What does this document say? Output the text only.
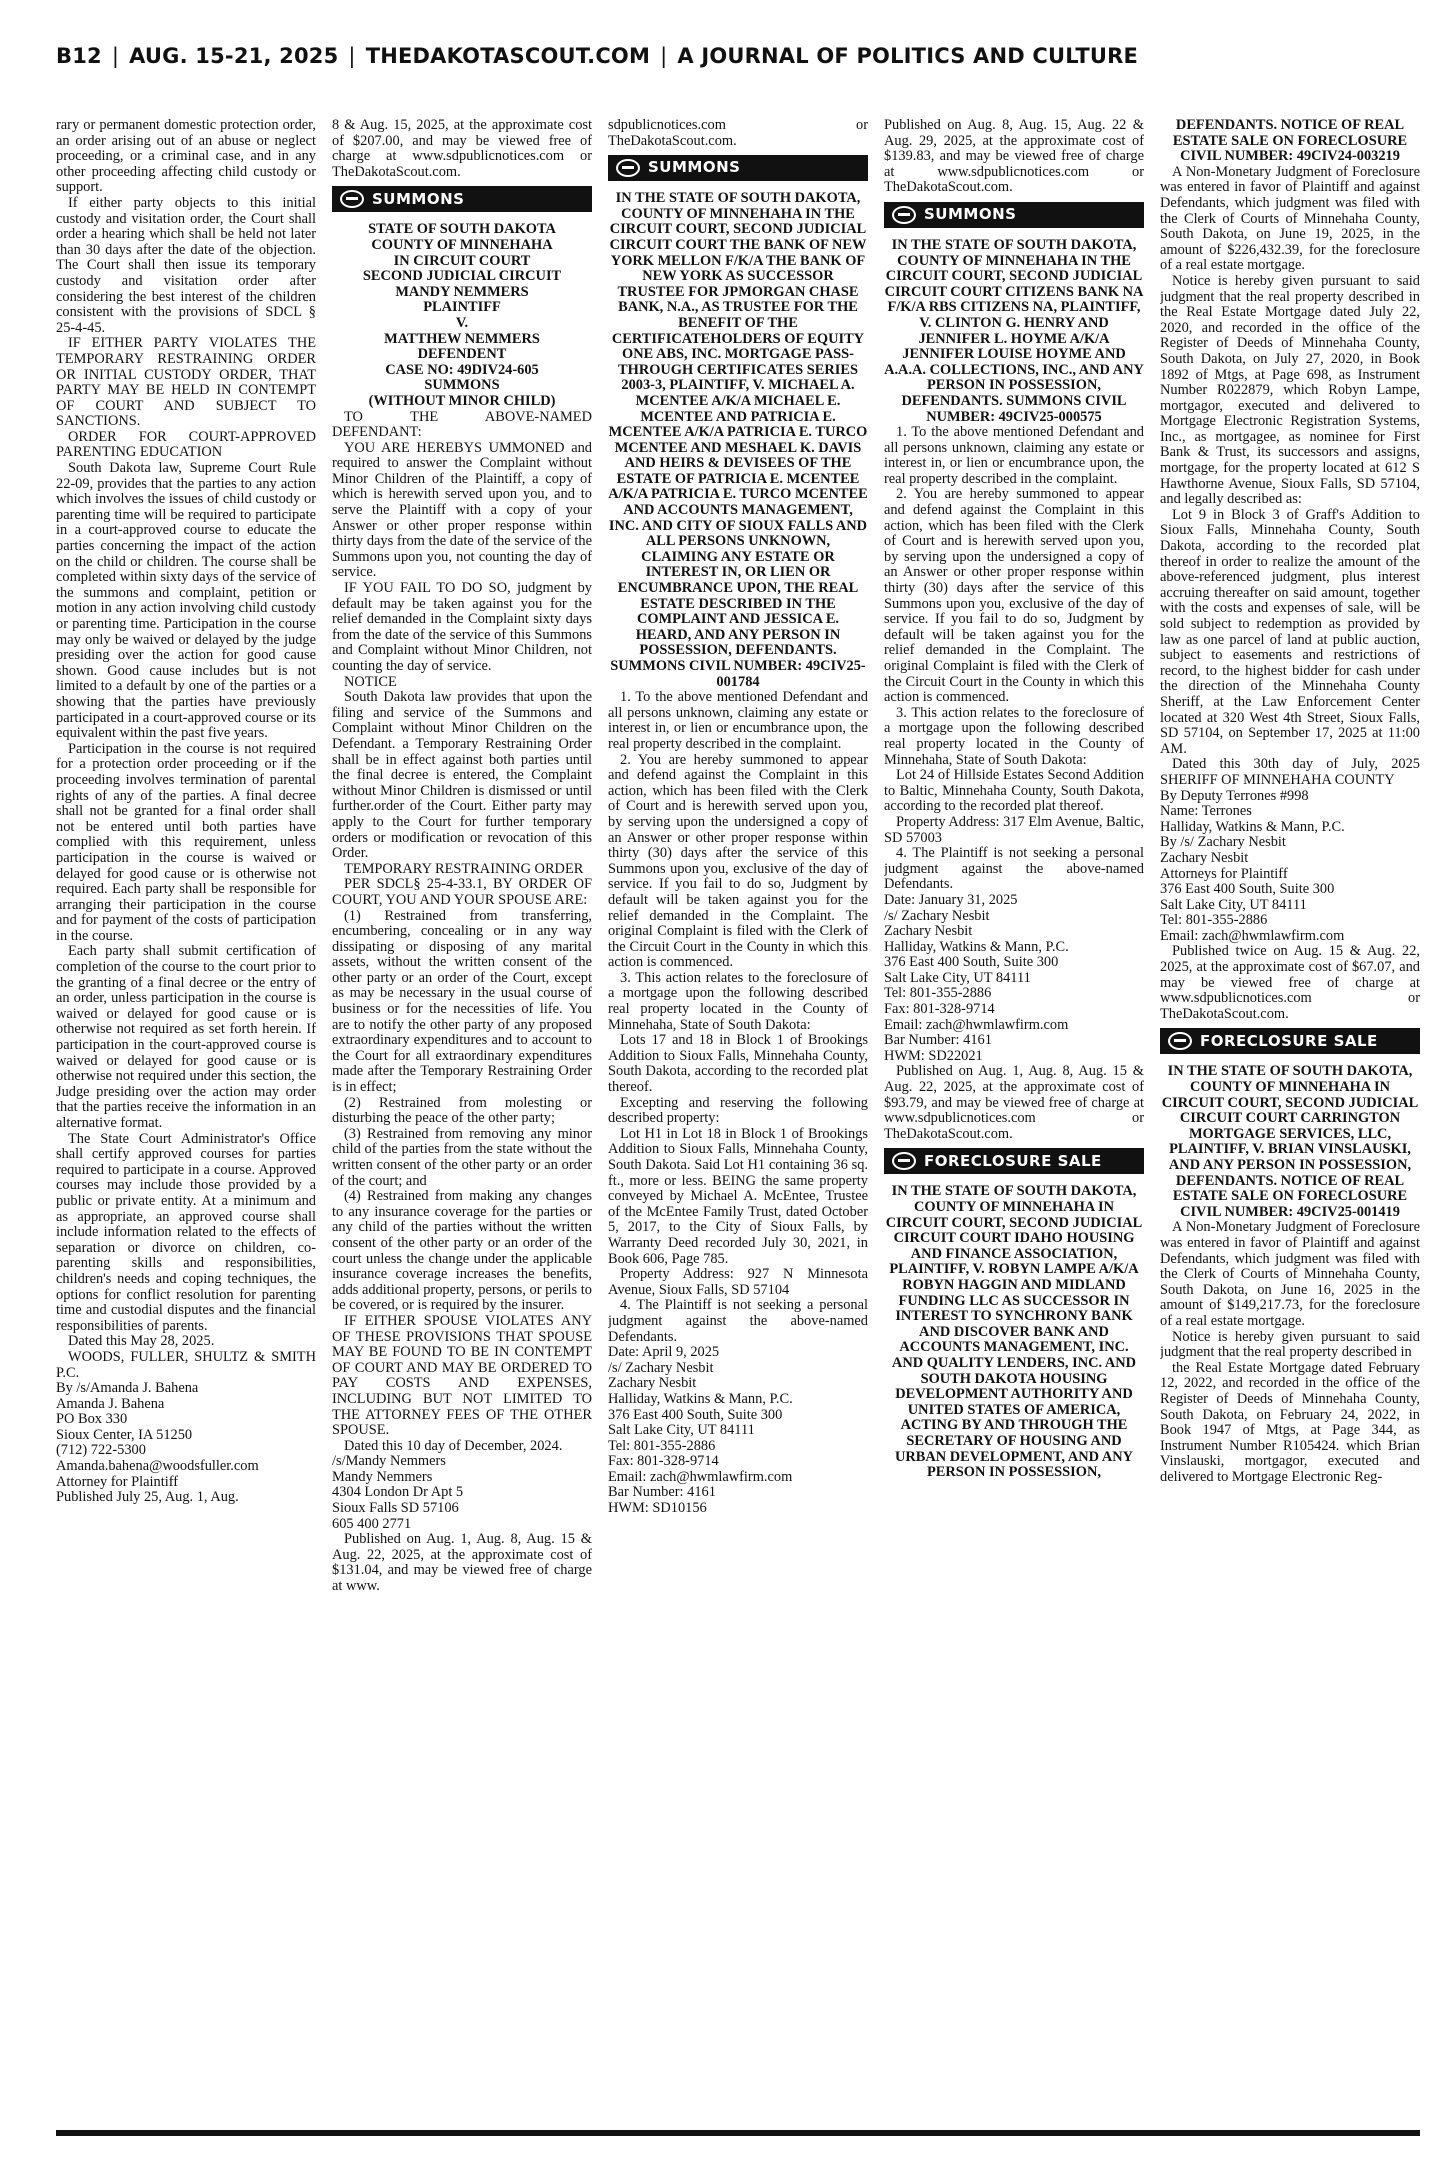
B12 | AUG. 15-21, 2025 | THEDAKOTASCOUT.COM | A JOURNAL OF POLITICS AND CULTURE

rary or permanent domestic protection order, an order arising out of an abuse or neglect proceeding, or a criminal case, and in any other proceeding affecting child custody or support.

If either party objects to this initial custody and visitation order, the Court shall order a hearing which shall be held not later than 30 days after the date of the objection. The Court shall then issue its temporary custody and visitation order after considering the best interest of the children consistent with the provisions of SDCL § 25-4-45.

IF EITHER PARTY VIOLATES THE TEMPORARY RESTRAINING ORDER OR INITIAL CUSTODY ORDER, THAT PARTY MAY BE HELD IN CONTEMPT OF COURT AND SUBJECT TO SANCTIONS.

ORDER FOR COURT-APPROVED PARENTING EDUCATION

South Dakota law, Supreme Court Rule 22-09, provides that the parties to any action which involves the issues of child custody or parenting time will be required to participate in a court-approved course to educate the parties concerning the impact of the action on the child or children. The course shall be completed within sixty days of the service of the summons and complaint, petition or motion in any action involving child custody or parenting time. Participation in the course may only be waived or delayed by the judge presiding over the action for good cause shown. Good cause includes but is not limited to a default by one of the parties or a showing that the parties have previously participated in a court-approved course or its equivalent within the past five years.

Participation in the course is not required for a protection order proceeding or if the proceeding involves termination of parental rights of any of the parties. A final decree shall not be granted for a final order shall not be entered until both parties have complied with this requirement, unless participation in the course is waived or delayed for good cause or is otherwise not required. Each party shall be responsible for arranging their participation in the course and for payment of the costs of participation in the course.

Each party shall submit certification of completion of the course to the court prior to the granting of a final decree or the entry of an order, unless participation in the course is waived or delayed for good cause or is otherwise not required as set forth herein. If participation in the court-approved course is waived or delayed for good cause or is otherwise not required under this section, the Judge presiding over the action may order that the parties receive the information in an alternative format.

The State Court Administrator's Office shall certify approved courses for parties required to participate in a course. Approved courses may include those provided by a public or private entity. At a minimum and as appropriate, an approved course shall include information related to the effects of separation or divorce on children, co-parenting skills and responsibilities, children's needs and coping techniques, the options for conflict resolution for parenting time and custodial disputes and the financial responsibilities of parents.

Dated this May 28, 2025.

WOODS, FULLER, SHULTZ & SMITH P.C.

By /s/Amanda J. Bahena

Amanda J. Bahena

PO Box 330

Sioux Center, IA 51250

(712) 722-5300

Amanda.bahena@woodsfuller.com

Attorney for Plaintiff

Published July 25, Aug. 1, Aug.

8 & Aug. 15, 2025, at the approximate cost of $207.00, and may be viewed free of charge at www.sdpublicnotices.com or TheDakotaScout.com.

SUMMONS

STATE OF SOUTH DAKOTA

COUNTY OF MINNEHAHA

IN CIRCUIT COURT

SECOND JUDICIAL CIRCUIT

MANDY NEMMERS

PLAINTIFF

V.

MATTHEW NEMMERS

DEFENDENT

CASE NO: 49DIV24-605

SUMMONS

(WITHOUT MINOR CHILD)

TO THE ABOVE-NAMED DEFENDANT:

YOU ARE HEREBYS UMMONED and required to answer the Complaint without Minor Children of the Plaintiff, a copy of which is herewith served upon you, and to serve the Plaintiff with a copy of your Answer or other proper response within thirty days from the date of the service of the Summons upon you, not counting the day of service.

IF YOU FAIL TO DO SO, judgment by default may be taken against you for the relief demanded in the Complaint sixty days from the date of the service of this Summons and Complaint without Minor Children, not counting the day of service.

NOTICE

South Dakota law provides that upon the filing and service of the Summons and Complaint without Minor Children on the Defendant. a Temporary Restraining Order shall be in effect against both parties until the final decree is entered, the Complaint without Minor Children is dismissed or until further.order of the Court. Either party may apply to the Court for further temporary orders or modification or revocation of this Order.

TEMPORARY RESTRAINING ORDER

PER SDCL§ 25-4-33.1, BY ORDER OF COURT, YOU AND YOUR SPOUSE ARE:

(1) Restrained from transferring, encumbering, concealing or in any way dissipating or disposing of any marital assets, without the written consent of the other party or an order of the Court, except as may be necessary in the usual course of business or for the necessities of life. You are to notify the other party of any proposed extraordinary expenditures and to account to the Court for all extraordinary expenditures made after the Temporary Restraining Order is in effect;

(2) Restrained from molesting or disturbing the peace of the other party;

(3) Restrained from removing any minor child of the parties from the state without the written consent of the other party or an order of the court; and

(4) Restrained from making any changes to any insurance coverage for the parties or any child of the parties without the written consent of the other party or an order of the court unless the change under the applicable insurance coverage increases the benefits, adds additional property, persons, or perils to be covered, or is required by the insurer.

IF EITHER SPOUSE VIOLATES ANY OF THESE PROVISIONS THAT SPOUSE MAY BE FOUND TO BE IN CONTEMPT OF COURT AND MAY BE ORDERED TO PAY COSTS AND EXPENSES, INCLUDING BUT NOT LIMITED TO THE ATTORNEY FEES OF THE OTHER SPOUSE.

Dated this 10 day of December, 2024.

/s/Mandy Nemmers

Mandy Nemmers

4304 London Dr Apt 5

Sioux Falls SD 57106

605 400 2771

Published on Aug. 1, Aug. 8, Aug. 15 & Aug. 22, 2025, at the approximate cost of $131.04, and may be viewed free of charge at www.

sdpublicnotices.com or TheDakotaScout.com.

SUMMONS

IN THE STATE OF SOUTH DAKOTA, COUNTY OF MINNEHAHA IN THE CIRCUIT COURT, SECOND JUDICIAL CIRCUIT COURT THE BANK OF NEW YORK MELLON F/K/A THE BANK OF NEW YORK AS SUCCESSOR TRUSTEE FOR JPMORGAN CHASE BANK, N.A., AS TRUSTEE FOR THE BENEFIT OF THE CERTIFICATEHOLDERS OF EQUITY ONE ABS, INC. MORTGAGE PASS-THROUGH CERTIFICATES SERIES 2003-3, PLAINTIFF, V. MICHAEL A. MCENTEE A/K/A MICHAEL E. MCENTEE AND PATRICIA E. MCENTEE A/K/A PATRICIA E. TURCO MCENTEE AND MESHAEL K. DAVIS AND HEIRS & DEVISEES OF THE ESTATE OF PATRICIA E. MCENTEE A/K/A PATRICIA E. TURCO MCENTEE AND ACCOUNTS MANAGEMENT, INC. AND CITY OF SIOUX FALLS AND ALL PERSONS UNKNOWN, CLAIMING ANY ESTATE OR INTEREST IN, OR LIEN OR ENCUMBRANCE UPON, THE REAL ESTATE DESCRIBED IN THE COMPLAINT AND JESSICA E. HEARD, AND ANY PERSON IN POSSESSION, DEFENDANTS. SUMMONS CIVIL NUMBER: 49CIV25-001784

1. To the above mentioned Defendant and all persons unknown, claiming any estate or interest in, or lien or encumbrance upon, the real property described in the complaint.

2. You are hereby summoned to appear and defend against the Complaint in this action, which has been filed with the Clerk of Court and is herewith served upon you, by serving upon the undersigned a copy of an Answer or other proper response within thirty (30) days after the service of this Summons upon you, exclusive of the day of service. If you fail to do so, Judgment by default will be taken against you for the relief demanded in the Complaint. The original Complaint is filed with the Clerk of the Circuit Court in the County in which this action is commenced.

3. This action relates to the foreclosure of a mortgage upon the following described real property located in the County of Minnehaha, State of South Dakota:

Lots 17 and 18 in Block 1 of Brookings Addition to Sioux Falls, Minnehaha County, South Dakota, according to the recorded plat thereof.

Excepting and reserving the following described property:

Lot H1 in Lot 18 in Block 1 of Brookings Addition to Sioux Falls, Minnehaha County, South Dakota. Said Lot H1 containing 36 sq. ft., more or less. BEING the same property conveyed by Michael A. McEntee, Trustee of the McEntee Family Trust, dated October 5, 2017, to the City of Sioux Falls, by Warranty Deed recorded July 30, 2021, in Book 606, Page 785.

Property Address: 927 N Minnesota Avenue, Sioux Falls, SD 57104

4. The Plaintiff is not seeking a personal judgment against the above-named Defendants.

Date: April 9, 2025

/s/ Zachary Nesbit

Zachary Nesbit

Halliday, Watkins & Mann, P.C.

376 East 400 South, Suite 300

Salt Lake City, UT 84111

Tel: 801-355-2886

Fax: 801-328-9714

Email: zach@hwmlawfirm.com

Bar Number: 4161

HWM: SD10156

Published on Aug. 8, Aug. 15, Aug. 22 & Aug. 29, 2025, at the approximate cost of $139.83, and may be viewed free of charge at www.sdpublicnotices.com or TheDakotaScout.com.

SUMMONS

IN THE STATE OF SOUTH DAKOTA, COUNTY OF MINNEHAHA IN THE CIRCUIT COURT, SECOND JUDICIAL CIRCUIT COURT CITIZENS BANK NA F/K/A RBS CITIZENS NA, PLAINTIFF, V. CLINTON G. HENRY AND JENNIFER L. HOYME A/K/A JENNIFER LOUISE HOYME AND A.A.A. COLLECTIONS, INC., AND ANY PERSON IN POSSESSION, DEFENDANTS. SUMMONS CIVIL NUMBER: 49CIV25-000575

1. To the above mentioned Defendant and all persons unknown, claiming any estate or interest in, or lien or encumbrance upon, the real property described in the complaint.

2. You are hereby summoned to appear and defend against the Complaint in this action, which has been filed with the Clerk of Court and is herewith served upon you, by serving upon the undersigned a copy of an Answer or other proper response within thirty (30) days after the service of this Summons upon you, exclusive of the day of service. If you fail to do so, Judgment by default will be taken against you for the relief demanded in the Complaint. The original Complaint is filed with the Clerk of the Circuit Court in the County in which this action is commenced.

3. This action relates to the foreclosure of a mortgage upon the following described real property located in the County of Minnehaha, State of South Dakota:

Lot 24 of Hillside Estates Second Addition to Baltic, Minnehaha County, South Dakota, according to the recorded plat thereof.

Property Address: 317 Elm Avenue, Baltic, SD 57003

4. The Plaintiff is not seeking a personal judgment against the above-named Defendants.

Date: January 31, 2025

/s/ Zachary Nesbit

Zachary Nesbit

Halliday, Watkins & Mann, P.C.

376 East 400 South, Suite 300

Salt Lake City, UT 84111

Tel: 801-355-2886

Fax: 801-328-9714

Email: zach@hwmlawfirm.com

Bar Number: 4161

HWM: SD22021

Published on Aug. 1, Aug. 8, Aug. 15 & Aug. 22, 2025, at the approximate cost of $93.79, and may be viewed free of charge at www.sdpublicnotices.com or TheDakotaScout.com.

FORECLOSURE SALE

IN THE STATE OF SOUTH DAKOTA, COUNTY OF MINNEHAHA IN CIRCUIT COURT, SECOND JUDICIAL CIRCUIT COURT IDAHO HOUSING AND FINANCE ASSOCIATION, PLAINTIFF, V. ROBYN LAMPE A/K/A ROBYN HAGGIN AND MIDLAND FUNDING LLC AS SUCCESSOR IN INTEREST TO SYNCHRONY BANK AND DISCOVER BANK AND ACCOUNTS MANAGEMENT, INC. AND QUALITY LENDERS, INC. AND SOUTH DAKOTA HOUSING DEVELOPMENT AUTHORITY AND UNITED STATES OF AMERICA, ACTING BY AND THROUGH THE SECRETARY OF HOUSING AND URBAN DEVELOPMENT, AND ANY PERSON IN POSSESSION,

DEFENDANTS. NOTICE OF REAL ESTATE SALE ON FORECLOSURE CIVIL NUMBER: 49CIV24-003219

A Non-Monetary Judgment of Foreclosure was entered in favor of Plaintiff and against Defendants, which judgment was filed with the Clerk of Courts of Minnehaha County, South Dakota, on June 19, 2025, in the amount of $226,432.39, for the foreclosure of a real estate mortgage.

Notice is hereby given pursuant to said judgment that the real property described in the Real Estate Mortgage dated July 22, 2020, and recorded in the office of the Register of Deeds of Minnehaha County, South Dakota, on July 27, 2020, in Book 1892 of Mtgs, at Page 698, as Instrument Number R022879, which Robyn Lampe, mortgagor, executed and delivered to Mortgage Electronic Registration Systems, Inc., as mortgagee, as nominee for First Bank & Trust, its successors and assigns, mortgage, for the property located at 612 S Hawthorne Avenue, Sioux Falls, SD 57104, and legally described as:

Lot 9 in Block 3 of Graff's Addition to Sioux Falls, Minnehaha County, South Dakota, according to the recorded plat thereof in order to realize the amount of the above-referenced judgment, plus interest accruing thereafter on said amount, together with the costs and expenses of sale, will be sold subject to redemption as provided by law as one parcel of land at public auction, subject to easements and restrictions of record, to the highest bidder for cash under the direction of the Minnehaha County Sheriff, at the Law Enforcement Center located at 320 West 4th Street, Sioux Falls, SD 57104, on September 17, 2025 at 11:00 AM.

Dated this 30th day of July, 2025 SHERIFF OF MINNEHAHA COUNTY

By Deputy Terrones #998

Name: Terrones

Halliday, Watkins & Mann, P.C.

By /s/ Zachary Nesbit

Zachary Nesbit

Attorneys for Plaintiff

376 East 400 South, Suite 300

Salt Lake City, UT 84111

Tel: 801-355-2886

Email: zach@hwmlawfirm.com

Published twice on Aug. 15 & Aug. 22, 2025, at the approximate cost of $67.07, and may be viewed free of charge at www.sdpublicnotices.com or TheDakotaScout.com.

FORECLOSURE SALE

IN THE STATE OF SOUTH DAKOTA, COUNTY OF MINNEHAHA IN CIRCUIT COURT, SECOND JUDICIAL CIRCUIT COURT CARRINGTON MORTGAGE SERVICES, LLC, PLAINTIFF, V. BRIAN VINSLAUSKI, AND ANY PERSON IN POSSESSION, DEFENDANTS. NOTICE OF REAL ESTATE SALE ON FORECLOSURE CIVIL NUMBER: 49CIV25-001419

A Non-Monetary Judgment of Foreclosure was entered in favor of Plaintiff and against Defendants, which judgment was filed with the Clerk of Courts of Minnehaha County, South Dakota, on June 16, 2025 in the amount of $149,217.73, for the foreclosure of a real estate mortgage.

Notice is hereby given pursuant to said judgment that the real property described in

the Real Estate Mortgage dated February 12, 2022, and recorded in the office of the Register of Deeds of Minnehaha County, South Dakota, on February 24, 2022, in Book 1947 of Mtgs, at Page 344, as Instrument Number R105424. which Brian Vinslauski, mortgagor, executed and delivered to Mortgage Electronic Reg-
